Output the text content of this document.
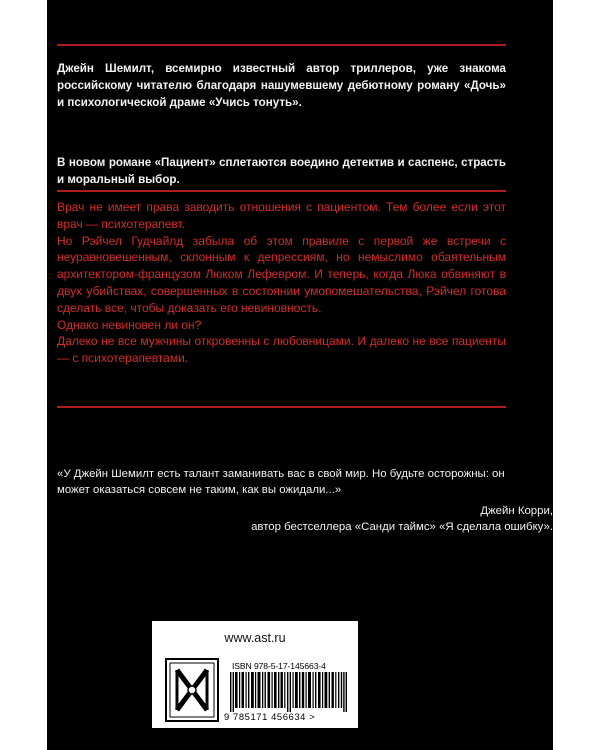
Джейн Шемилт, всемирно известный автор триллеров, уже знакома российскому читателю благодаря нашумевшему дебютному роману «Дочь» и психологической драме «Учись тонуть».

В новом романе «Пациент» сплетаются воедино детектив и саспенс, страсть и моральный выбор.

Врач не имеет права заводить отношения с пациентом. Тем более если этот врач — психотерапевт.

Но Рэйчел Гудчайлд забыла об этом правиле с первой же встречи с неуравновешенным, склонным к депрессиям, но немыслимо обаятельным архитектором-французом Люком Лефевром. И теперь, когда Люка обвиняют в двух убийствах, совершенных в состоянии умопомешательства, Рэйчел готова сделать все, чтобы доказать его невиновность.

Однако невиновен ли он?

Далеко не все мужчины откровенны с любовницами. И далеко не все пациенты — с психотерапевтами.

«У Джейн Шемилт есть талант заманивать вас в свой мир. Но будьте осторожны: он может оказаться совсем не таким, как вы ожидали...»

Джейн Корри,
автор бестселлера «Санди таймс» «Я сделала ошибку».
www.ast.ru
ISBN 978-5-17-145663-4
9 785171 456634 >
